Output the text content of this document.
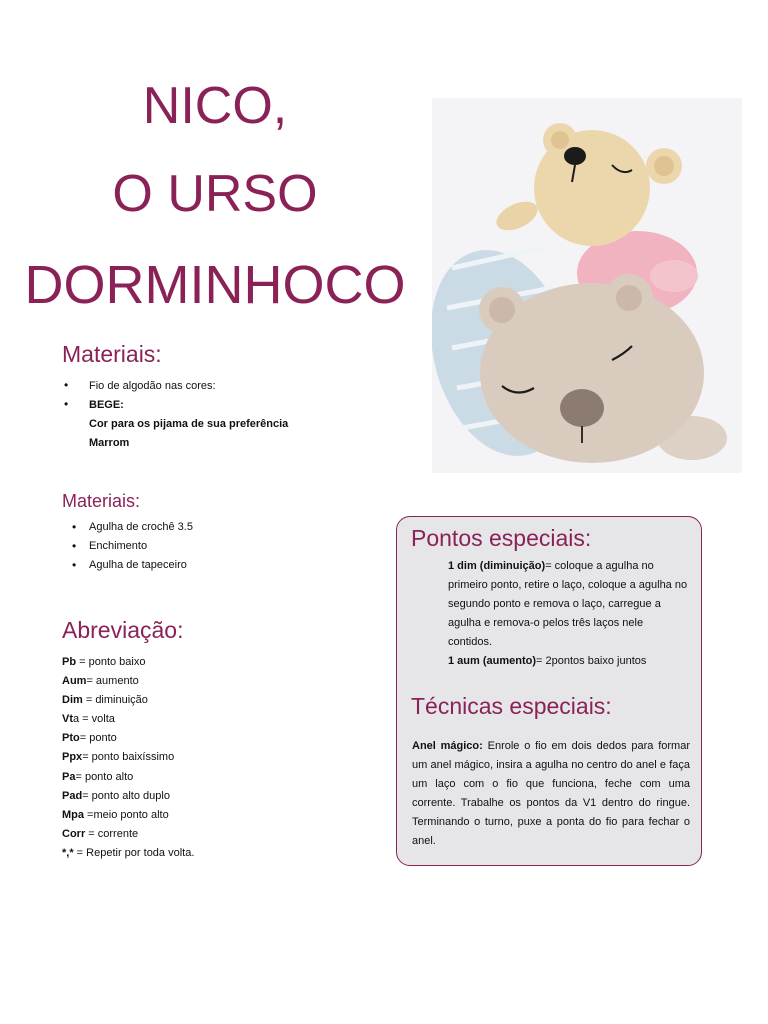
NICO,
O URSO
DORMINHOCO
Materiais:
• Fio de algodão nas cores:
• BEGE:
Cor para os pijama de sua preferência
Marrom
Materiais:
• Agulha de crochê 3.5
• Enchimento
• Agulha de tapeceiro
Abreviação:
Pb = ponto baixo
Aum= aumento
Dim = diminuição
Vta = volta
Pto= ponto
Ppx= ponto baixíssimo
Pa= ponto alto
Pad= ponto alto duplo
Mpa =meio ponto alto
Corr = corrente
*,* = Repetir por toda volta.
Pontos especiais:
1 dim (diminuição)= coloque a agulha no primeiro ponto, retire o laço, coloque a agulha no segundo ponto e remova o laço, carregue a agulha e remova-o pelos três laços nele contidos.
1 aum (aumento)= 2pontos baixo juntos
Técnicas especiais:
Anel mágico: Enrole o fio em dois dedos para formar um anel mágico, insira a agulha no centro do anel e faça um laço com o fio que funciona, feche com uma corrente. Trabalhe os pontos da V1 dentro do ringue. Terminando o turno, puxe a ponta do fio para fechar o anel.
